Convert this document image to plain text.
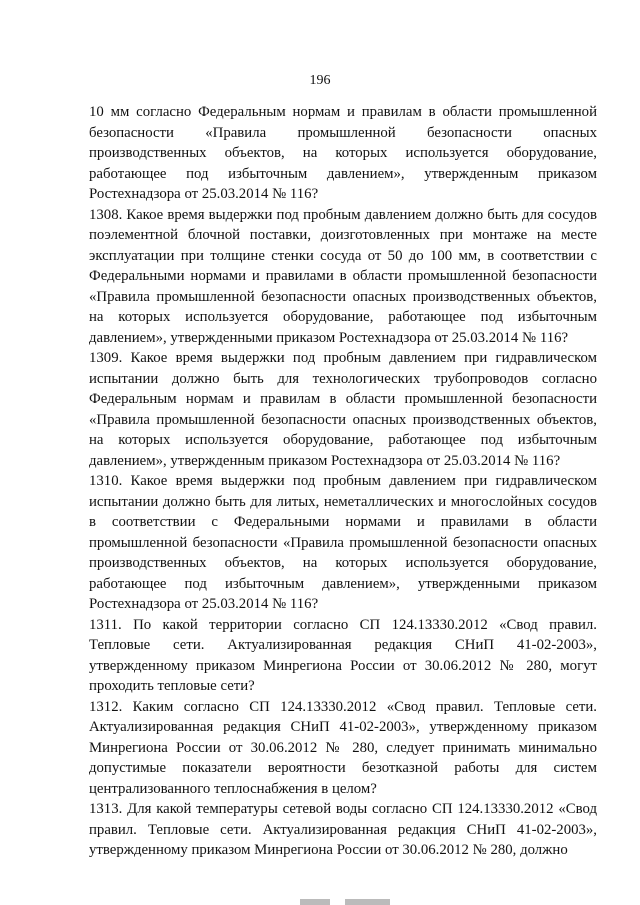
196

10 мм согласно Федеральным нормам и правилам в области промышленной безопасности «Правила промышленной безопасности опасных производственных объектов, на которых используется оборудование, работающее под избыточным давлением», утвержденным приказом Ростехнадзора от 25.03.2014 № 116?

1308. Какое время выдержки под пробным давлением должно быть для сосудов поэлементной блочной поставки, доизготовленных при монтаже на месте эксплуатации при толщине стенки сосуда от 50 до 100 мм, в соответствии с Федеральными нормами и правилами в области промышленной безопасности «Правила промышленной безопасности опасных производственных объектов, на которых используется оборудование, работающее под избыточным давлением», утвержденными приказом Ростехнадзора от 25.03.2014 № 116?

1309. Какое время выдержки под пробным давлением при гидравлическом испытании должно быть для технологических трубопроводов согласно Федеральным нормам и правилам в области промышленной безопасности «Правила промышленной безопасности опасных производственных объектов, на которых используется оборудование, работающее под избыточным давлением», утвержденным приказом Ростехнадзора от 25.03.2014 № 116?

1310. Какое время выдержки под пробным давлением при гидравлическом испытании должно быть для литых, неметаллических и многослойных сосудов в соответствии с Федеральными нормами и правилами в области промышленной безопасности «Правила промышленной безопасности опасных производственных объектов, на которых используется оборудование, работающее под избыточным давлением», утвержденными приказом Ростехнадзора от 25.03.2014 № 116?

1311. По какой территории согласно СП 124.13330.2012 «Свод правил. Тепловые сети. Актуализированная редакция СНиП 41-02-2003», утвержденному приказом Минрегиона России от 30.06.2012 № 280, могут проходить тепловые сети?

1312. Каким согласно СП 124.13330.2012 «Свод правил. Тепловые сети. Актуализированная редакция СНиП 41-02-2003», утвержденному приказом Минрегиона России от 30.06.2012 № 280, следует принимать минимально допустимые показатели вероятности безотказной работы для систем централизованного теплоснабжения в целом?

1313. Для какой температуры сетевой воды согласно СП 124.13330.2012 «Свод правил. Тепловые сети. Актуализированная редакция СНиП 41-02-2003», утвержденному приказом Минрегиона России от 30.06.2012 № 280, должно
